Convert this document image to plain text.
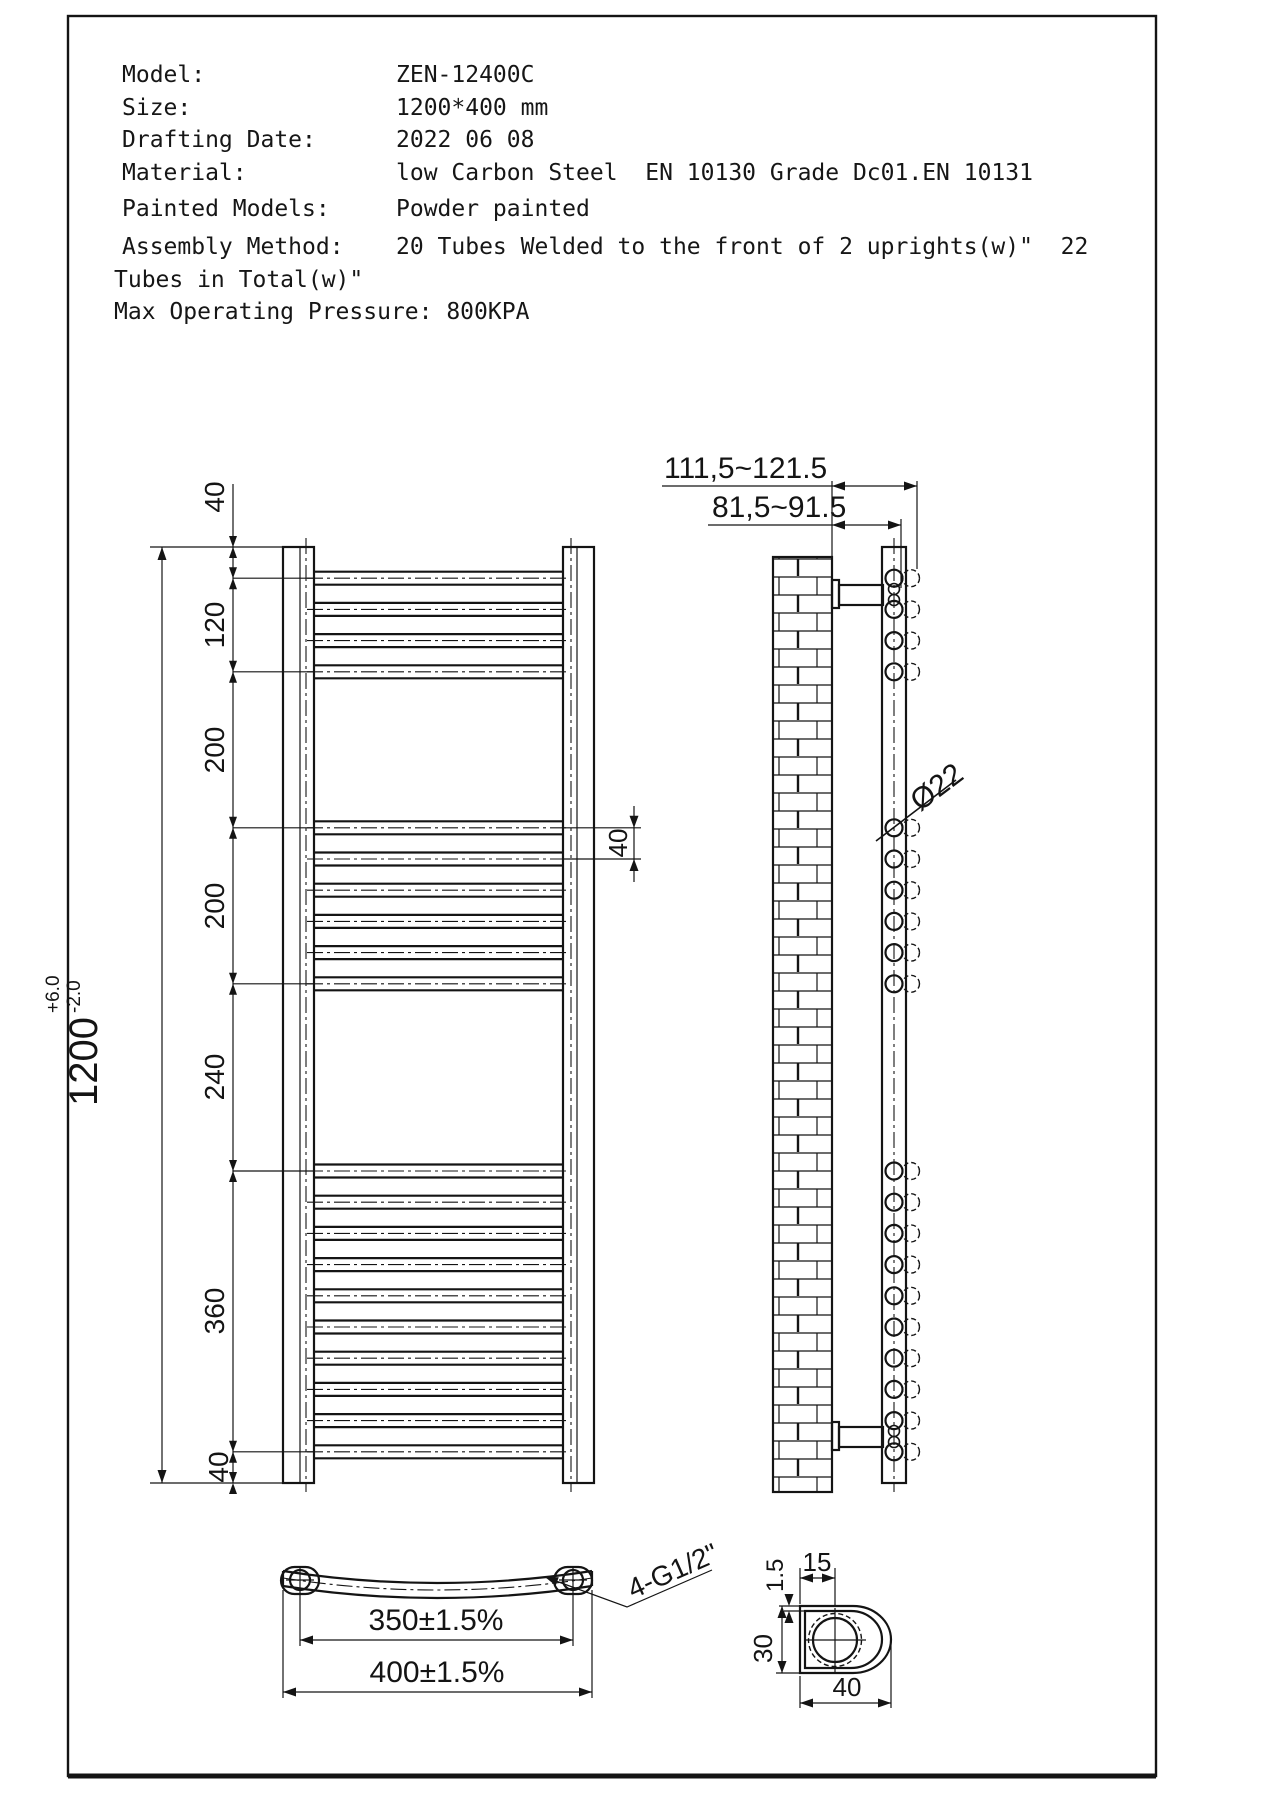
Model:	ZEN-12400C
Size:	1200*400 mm
Drafting Date:	2022 06 08
Material:	low Carbon Steel  EN 10130 Grade Dc01.EN 10131
Painted Models:	Powder painted
Assembly Method: 20 Tubes Welded to the front of 2 uprights(w)"  22
Tubes in Total(w)"
Max Operating Pressure: 800KPA
1200
+6.0 -2.0
40
120
200
200
240
360
40
40
111,5~121.5
81,5~91.5
Ø22
350±1.5%
400±1.5%
4-G1/2"	15
1.5
30
40
